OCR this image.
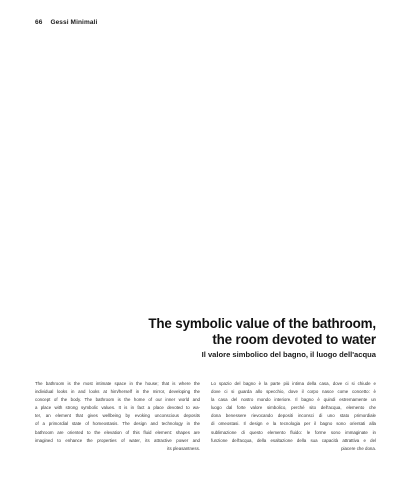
66 Gessi Minimali
The symbolic value of the bathroom,
the room devoted to water

Il valore simbolico del bagno, il luogo dell'acqua

The bathroom is the most intimate space in the house; that is where the
individual looks in and looks at him/herself in the mirror, developing the
concept of the body. The bathroom is the home of our inner world and
a place with strong symbolic values. It is in fact a place devoted to wa-
ter, an element that gives wellbeing by evoking unconscious deposits
of a primordial state of homeostasis. The design and technology in the
bathroom are oriented to the elevation of this fluid element: shapes are
imagined to enhance the properties of water, its attractive power and
its pleasantness.
Lo spazio del bagno è la parte più intima della casa, dove ci si chiude e
dove ci si guarda allo specchio, dove il corpo nasce come concetto: è
la casa del nostro mondo interiore. Il bagno è quindi estremamente un
luogo dal forte valore simbolico, perché sito dell'acqua, elemento che
dona benessere rievocando depositi inconsci di uno stato primordiale
di omeostasi. Il design e la tecnologia per il bagno sono orientati alla
sublimazione di questo elemento fluido: le forme sono immaginate in
funzione dell'acqua, della esaltazione della sua capacità attrattiva e del
piacere che dona.
